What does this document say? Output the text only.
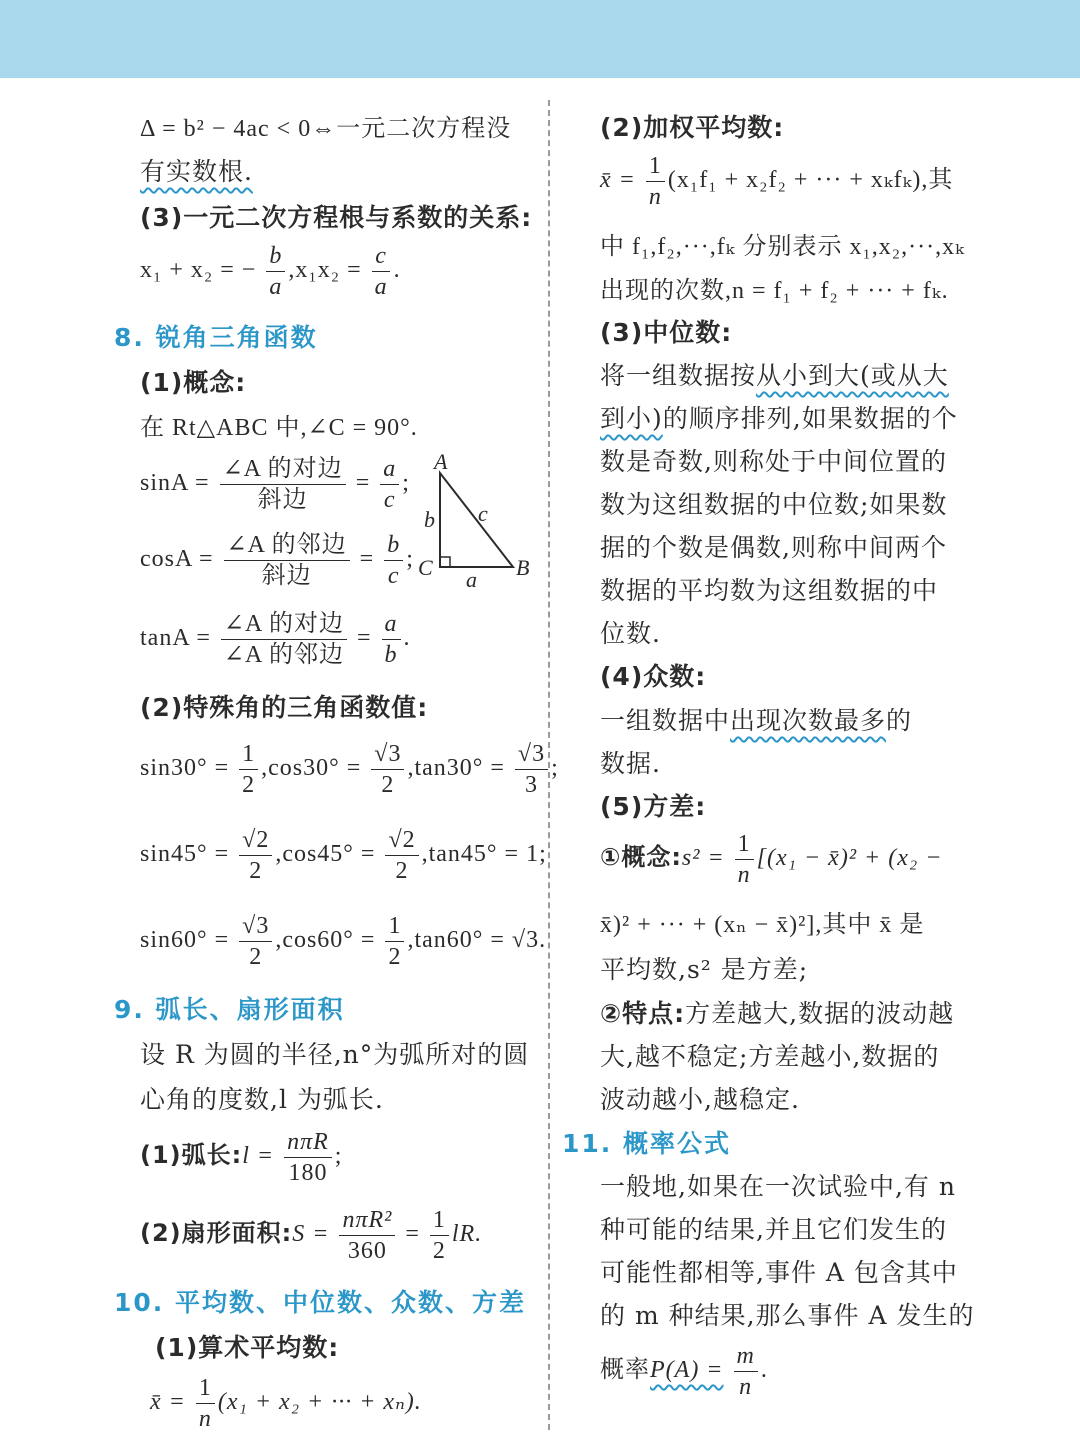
Δ = b² − 4ac < 0⇔一元二次方程没
有实数根.
(3)一元二次方程根与系数的关系:
x₁ + x₂ = − $\frac{b}{a} ,x_1x_2 = \frac{c}{a}$ .
8. 锐角三角函数
(1)概念:
在 Rt△ABC 中,∠C = 90°.
$\sin A = \frac{\text{∠A 的对边}}{\text{斜边}} = \frac{a}{c}$ ;
$\cos A = \frac{\text{∠A 的邻边}}{\text{斜边}} = \frac{b}{c}$ ;
$\tan A = \frac{\text{∠A 的对边}}{\text{∠A 的邻边}} = \frac{a}{b}$ .
A
B
C a
b c
(2)特殊角的三角函数值:
$\sin 30^\circ = \frac{1}{2} ,\cos 30^\circ = \frac{√3}{2} ,\tan 30^\circ = \frac{√3}{3}$ ;
$\sin 45^\circ = \frac{√2}{2} ,\cos 45^\circ = \frac{√2}{2} ,\tan 45^\circ = 1$;
$\sin 60^\circ = \frac{√3}{2} ,\cos 60^\circ = \frac{1}{2} ,\tan 60^\circ = √3$.
9. 弧长、扇形面积
设 R 为圆的半径,n°为弧所对的圆
心角的度数,l 为弧长.
(1)弧长:l = $\frac{\text{nπR}}{180}$ ;
(2)扇形面积:S = $\frac{\text{nπR²}}{360} = \frac{1}{2}$ lR.
10. 平均数、中位数、众数、方差
(1)算术平均数:
x̄ = $\frac{1}{n} (x_1 + x_2$ + ··· + xₙ).
(2)加权平均数:
x̄ = $\frac{1}{n} (x_1f_1 + x_2f_2$ + ··· + xₖfₖ),其
中 f₁,f₂,···,fₖ 分别表示 x₁,x₂,···,xₖ
出现的次数,n = f₁ + f₂ + ··· + fₖ.
(3)中位数:
将一组数据按从小到大(或从大
到小)的顺序排列,如果数据的个
数是奇数,则称处于中间位置的
数为这组数据的中位数;如果数
据的个数是偶数,则称中间两个
数据的平均数为这组数据的中
位数.
(4)众数:
一组数据中出现次数最多的
数据.
(5)方差:
①概念:s² = $\frac{1}{n} [(x_1$ − x̄)² + (x₂ −
x̄)² + ··· + (xₙ − x̄)²],其中 x̄ 是
平均数,s² 是方差;
②特点:方差越大,数据的波动越
大,越不稳定;方差越小,数据的
波动越小,越稳定.
11. 概率公式
一般地,如果在一次试验中,有 n
种可能的结果,并且它们发生的
可能性都相等,事件 A 包含其中
的 m 种结果,那么事件 A 发生的
概率$P(A) = \frac{m}{n}$ .
